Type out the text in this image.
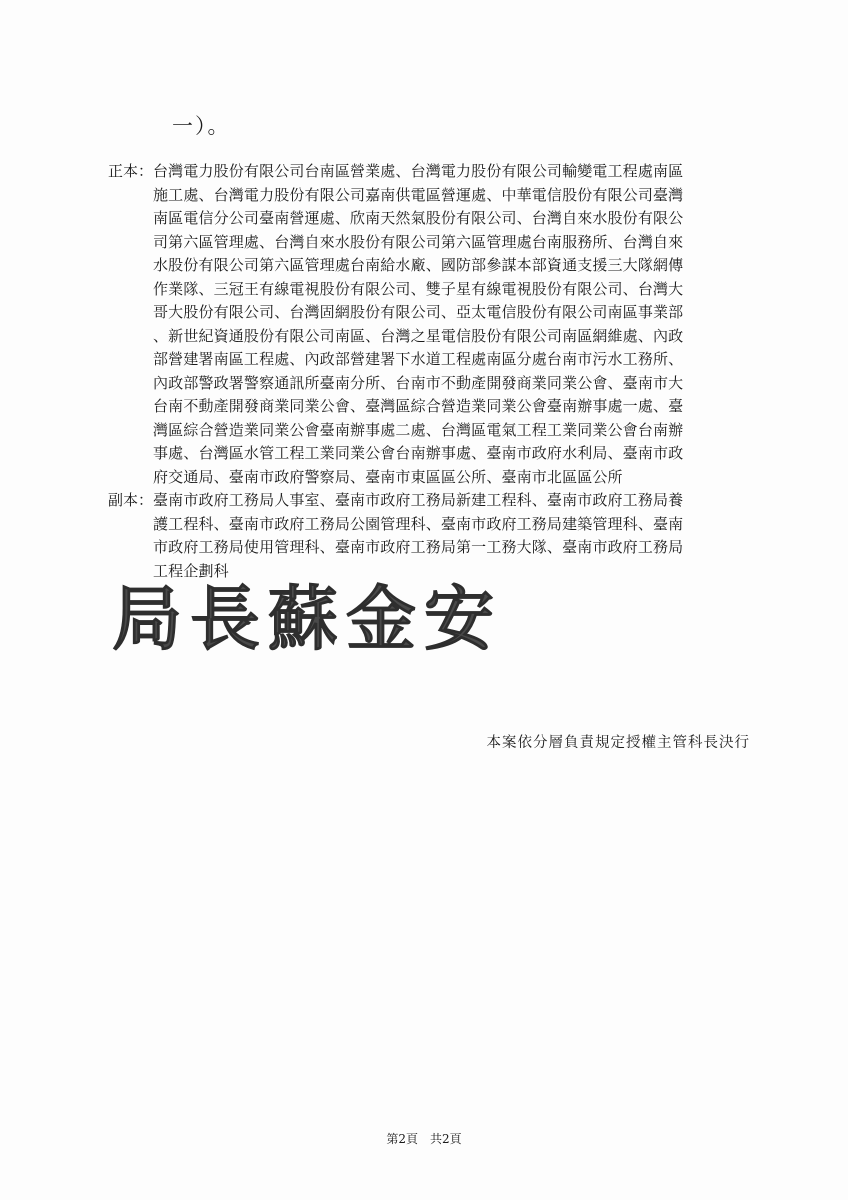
一）。
正本： 台灣電力股份有限公司台南區營業處、台灣電力股份有限公司輸變電工程處南區
施工處、台灣電力股份有限公司嘉南供電區營運處、中華電信股份有限公司臺灣
南區電信分公司臺南營運處、欣南天然氣股份有限公司、台灣自來水股份有限公
司第六區管理處、台灣自來水股份有限公司第六區管理處台南服務所、台灣自來
水股份有限公司第六區管理處台南給水廠、國防部參謀本部資通支援三大隊網傳
作業隊、三冠王有線電視股份有限公司、雙子星有線電視股份有限公司、台灣大
哥大股份有限公司、台灣固網股份有限公司、亞太電信股份有限公司南區事業部
、新世紀資通股份有限公司南區、台灣之星電信股份有限公司南區網維處、內政
部營建署南區工程處、內政部營建署下水道工程處南區分處台南市污水工務所、
內政部警政署警察通訊所臺南分所、台南市不動產開發商業同業公會、臺南市大
台南不動產開發商業同業公會、臺灣區綜合營造業同業公會臺南辦事處一處、臺
灣區綜合營造業同業公會臺南辦事處二處、台灣區電氣工程工業同業公會台南辦
事處、台灣區水管工程工業同業公會台南辦事處、臺南市政府水利局、臺南市政
府交通局、臺南市政府警察局、臺南市東區區公所、臺南市北區區公所
副本： 臺南市政府工務局人事室、臺南市政府工務局新建工程科、臺南市政府工務局養
護工程科、臺南市政府工務局公園管理科、臺南市政府工務局建築管理科、臺南
市政府工務局使用管理科、臺南市政府工務局第一工務大隊、臺南市政府工務局
工程企劃科
局長蘇金安
本案依分層負責規定授權主管科長決行
第2頁　共2頁
